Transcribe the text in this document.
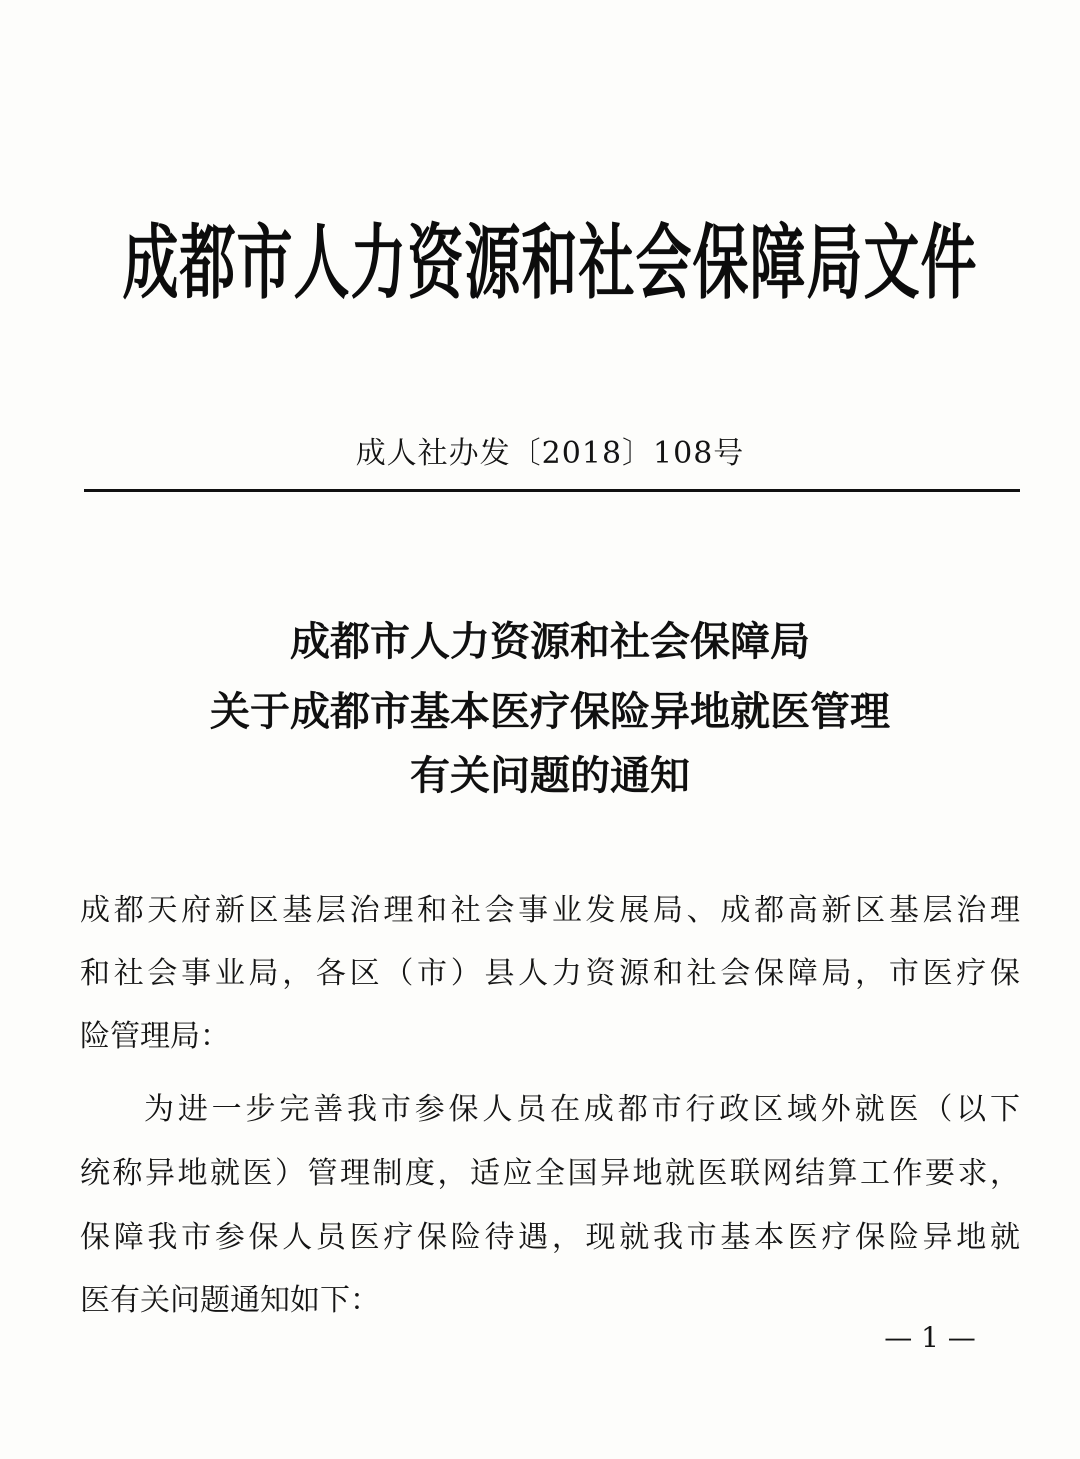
成都市人力资源和社会保障局文件
成人社办发〔2018〕108号
成都市人力资源和社会保障局
关于成都市基本医疗保险异地就医管理
有关问题的通知
成都天府新区基层治理和社会事业发展局、成都高新区基层治理
和社会事业局，各区（市）县人力资源和社会保障局，市医疗保
险管理局：
为进一步完善我市参保人员在成都市行政区域外就医（以下
统称异地就医）管理制度，适应全国异地就医联网结算工作要求，
保障我市参保人员医疗保险待遇，现就我市基本医疗保险异地就
医有关问题通知如下：
— 1 —
